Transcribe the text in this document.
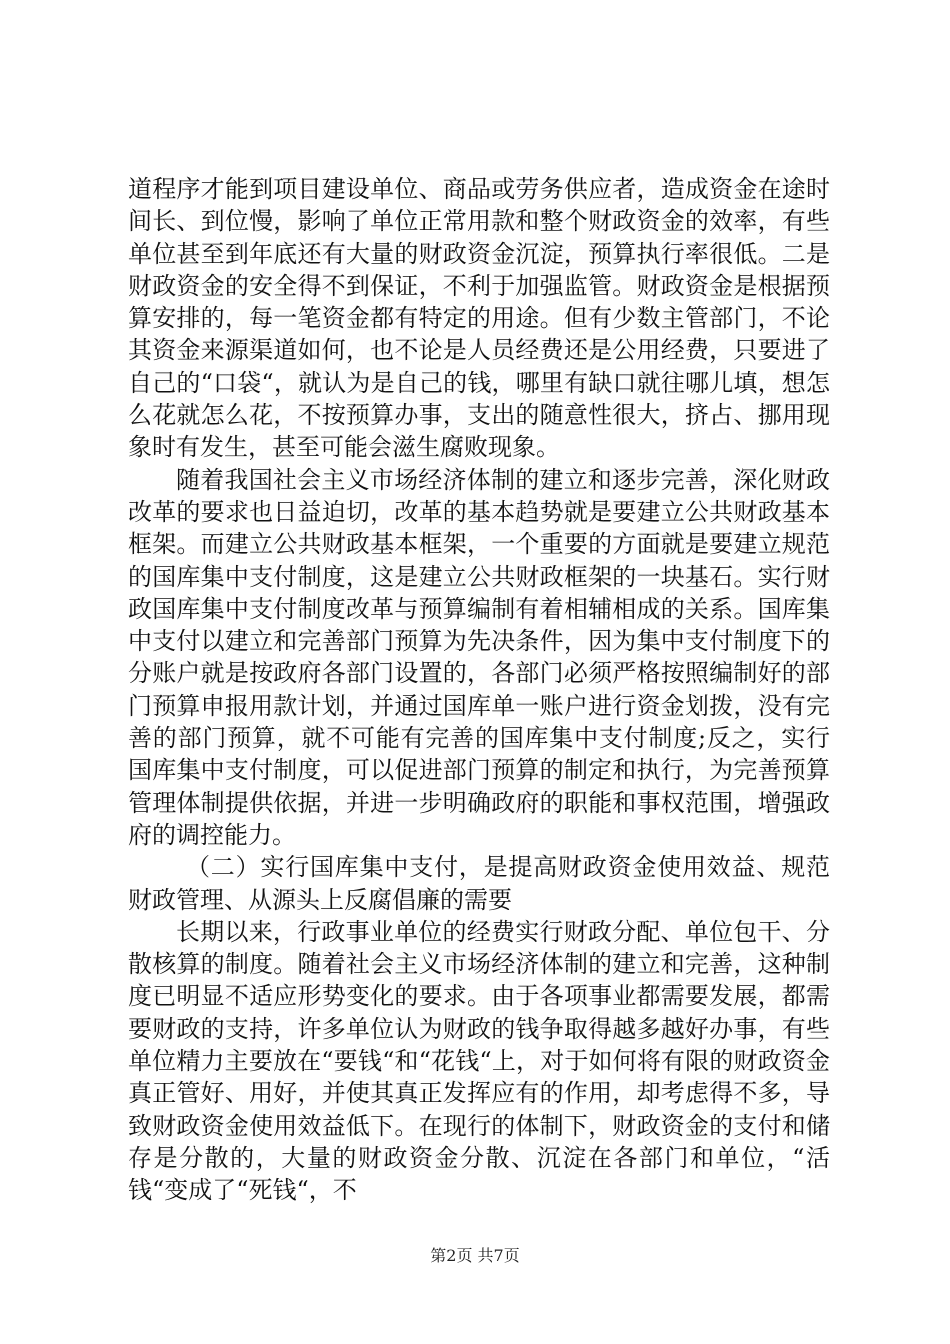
道程序才能到项目建设单位、商品或劳务供应者，造成资金在途时间长、到位慢，影响了单位正常用款和整个财政资金的效率，有些单位甚至到年底还有大量的财政资金沉淀，预算执行率很低。二是财政资金的安全得不到保证，不利于加强监管。财政资金是根据预算安排的，每一笔资金都有特定的用途。但有少数主管部门，不论其资金来源渠道如何，也不论是人员经费还是公用经费，只要进了自己的“口袋“，就认为是自己的钱，哪里有缺口就往哪儿填，想怎么花就怎么花，不按预算办事，支出的随意性很大，挤占、挪用现象时有发生，甚至可能会滋生腐败现象。

随着我国社会主义市场经济体制的建立和逐步完善，深化财政改革的要求也日益迫切，改革的基本趋势就是要建立公共财政基本框架。而建立公共财政基本框架，一个重要的方面就是要建立规范的国库集中支付制度，这是建立公共财政框架的一块基石。实行财政国库集中支付制度改革与预算编制有着相辅相成的关系。国库集中支付以建立和完善部门预算为先决条件，因为集中支付制度下的分账户就是按政府各部门设置的，各部门必须严格按照编制好的部门预算申报用款计划，并通过国库单一账户进行资金划拨，没有完善的部门预算，就不可能有完善的国库集中支付制度;反之，实行国库集中支付制度，可以促进部门预算的制定和执行，为完善预算管理体制提供依据，并进一步明确政府的职能和事权范围，增强政府的调控能力。

（二）实行国库集中支付，是提高财政资金使用效益、规范财政管理、从源头上反腐倡廉的需要

长期以来，行政事业单位的经费实行财政分配、单位包干、分散核算的制度。随着社会主义市场经济体制的建立和完善，这种制度已明显不适应形势变化的要求。由于各项事业都需要发展，都需要财政的支持，许多单位认为财政的钱争取得越多越好办事，有些单位精力主要放在“要钱“和“花钱“上，对于如何将有限的财政资金真正管好、用好，并使其真正发挥应有的作用，却考虑得不多，导致财政资金使用效益低下。在现行的体制下，财政资金的支付和储存是分散的，大量的财政资金分散、沉淀在各部门和单位，“活钱“变成了“死钱“，不

第2页 共7页
